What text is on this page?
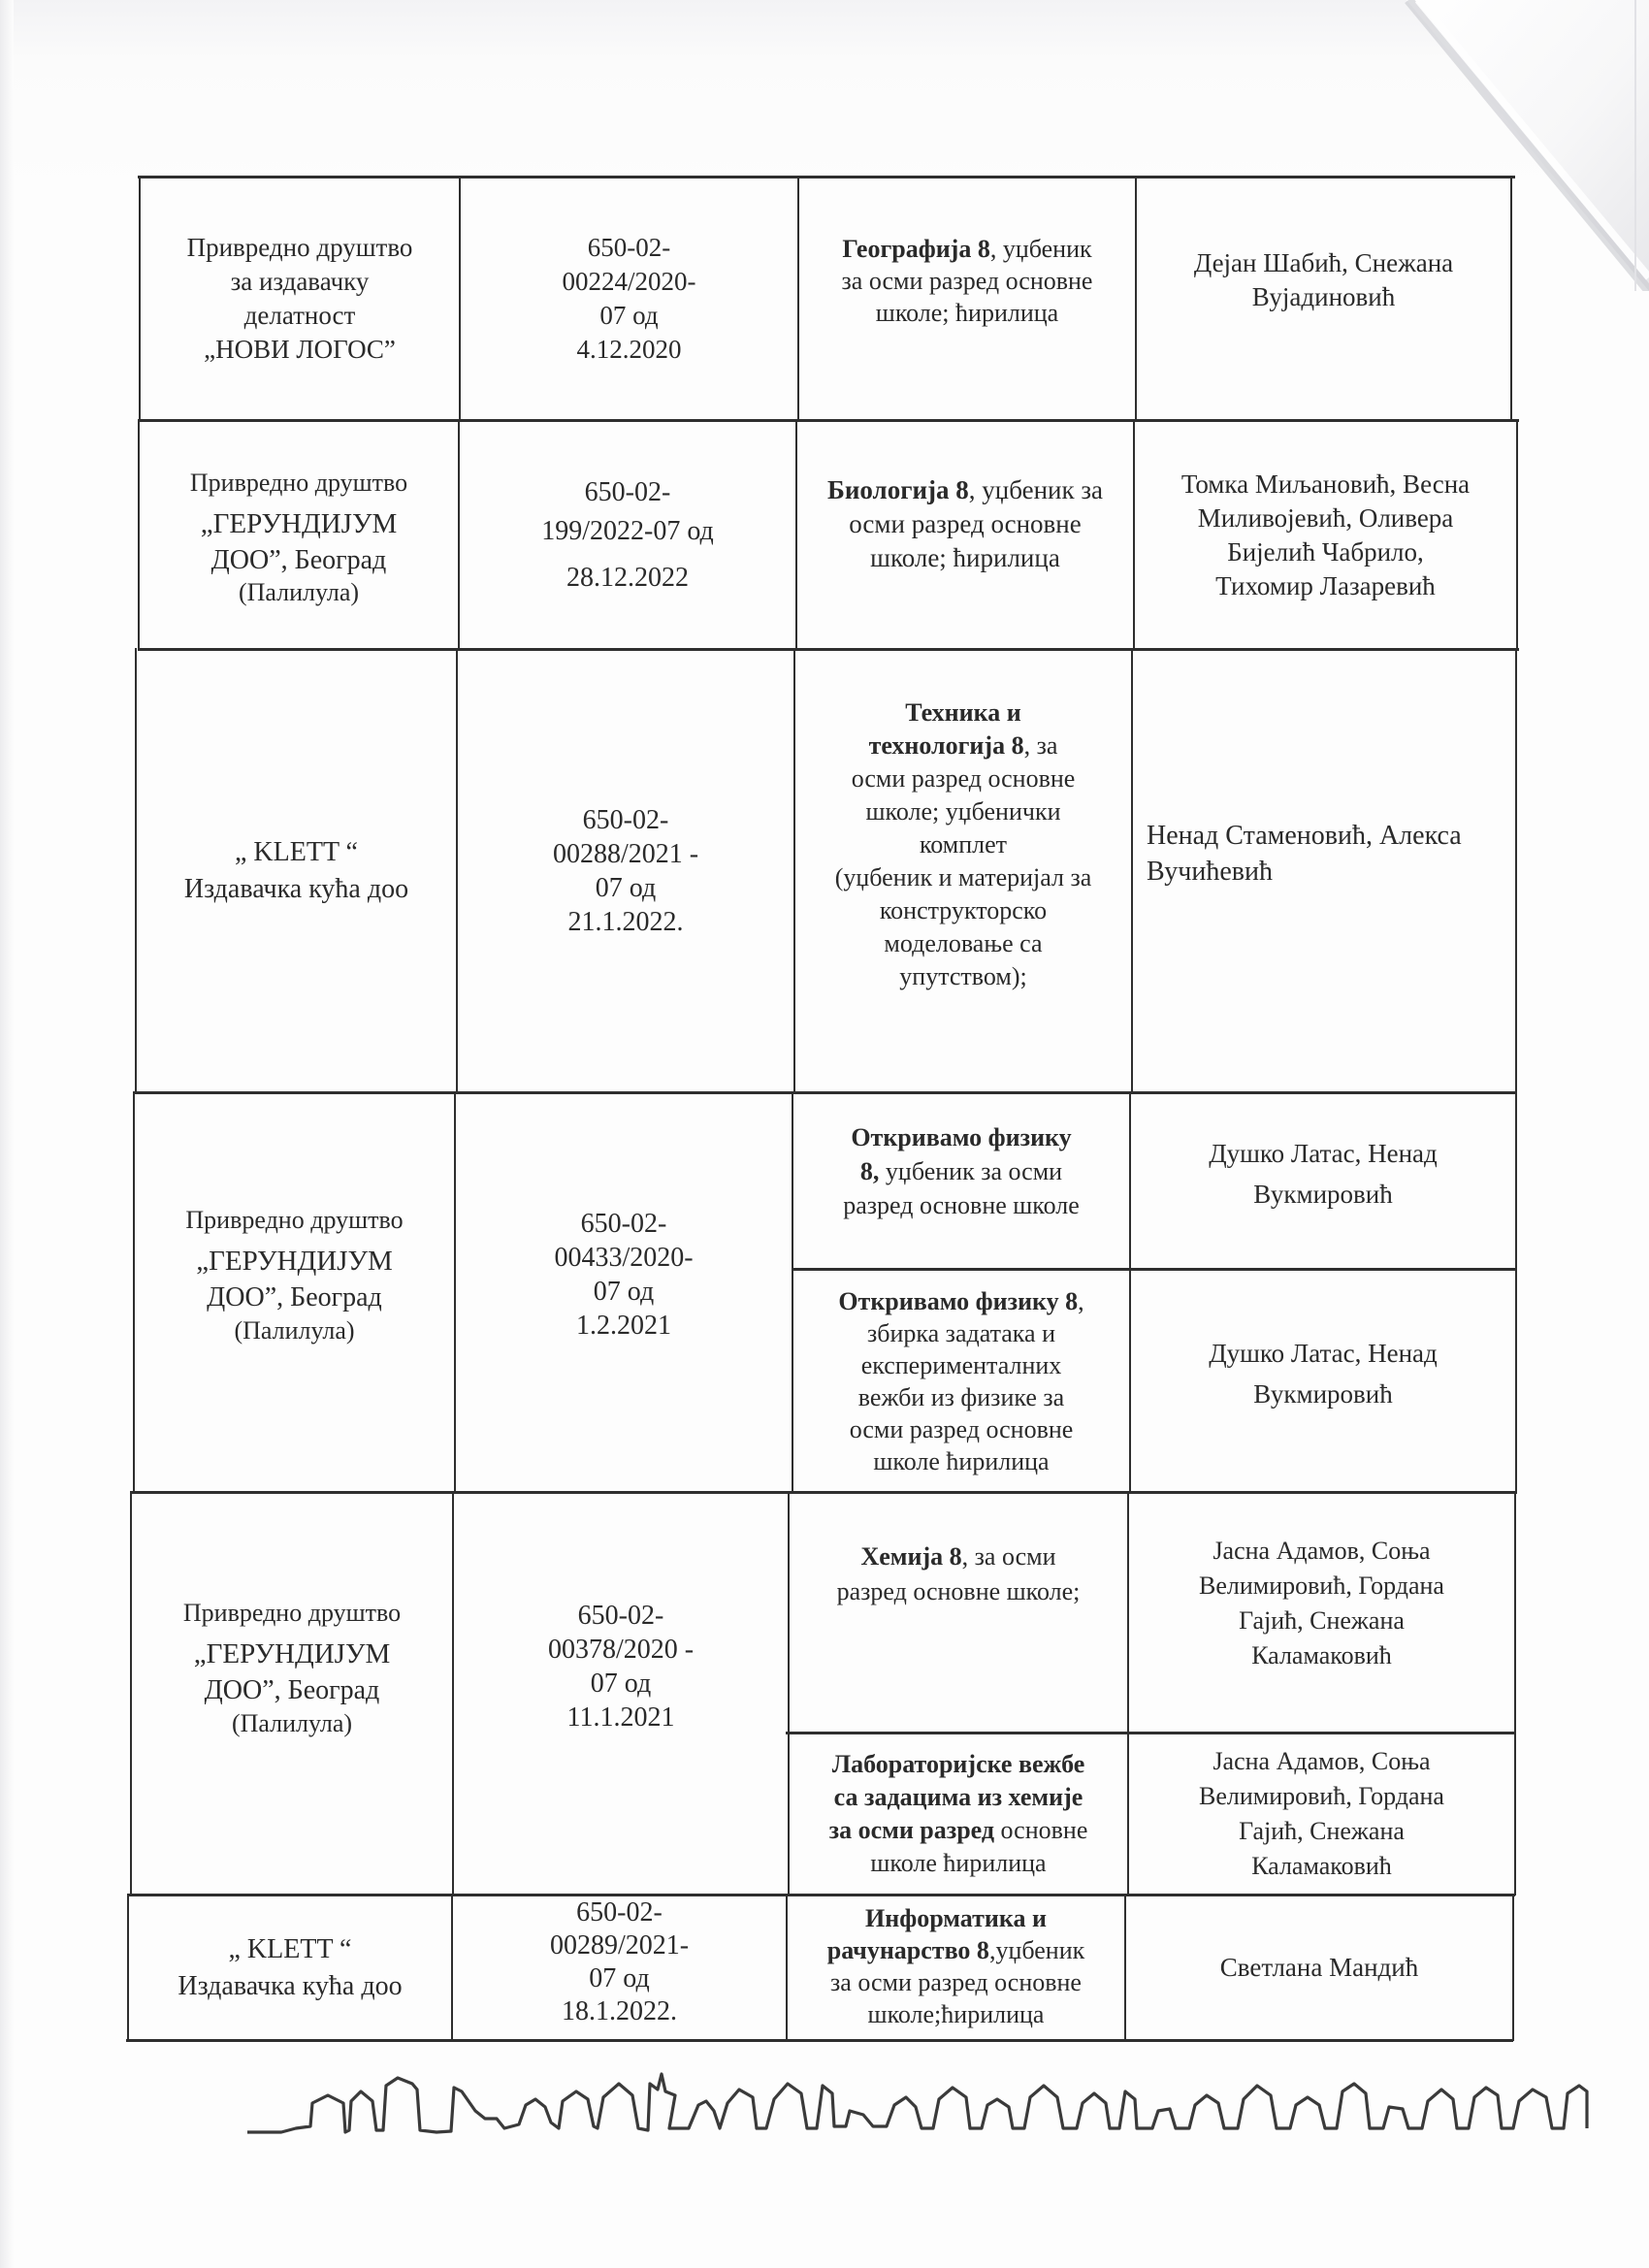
Привредно друштво
за издавачку
делатност
„НОВИ ЛОГОС”
650-02-
00224/2020-
07 од
4.12.2020
Географија 8, уџбеник
за осми разред основне
школе; ћирилица
Дејан Шабић, Снежана
Вујадиновић
Привредно друштво
„ГЕРУНДИЈУМ
ДОО”, Београд
(Палилула)
650-02-
199/2022-07 од
28.12.2022
Биологија 8, уџбеник за
осми разред основне
школе; ћирилица
Томка Миљановић, Весна
Миливојевић, Оливера
Бијелић Чабрило,
Тихомир Лазаревић
„ KLETT “
Издавачка кућа доо
650-02-
00288/2021 -
07 од
21.1.2022.
Техника и
технологија 8, за
осми разред основне
школе; уџбенички
комплет
(уџбеник и материјал за
конструкторско
моделовање са
упутством);
Ненад Стаменовић, Алекса
Вучићевић
Привредно друштво
„ГЕРУНДИЈУМ
ДОО”, Београд
(Палилула)
650-02-
00433/2020-
07 од
1.2.2021
Откривамо физику
8, уџбеник за осми
разред основне школе
Душко Латас, Ненад
Вукмировић
Откривамо физику 8,
збирка задатака и
експерименталних
вежби из физике за
осми разред основне
школе ћирилица
Душко Латас, Ненад
Вукмировић
Привредно друштво
„ГЕРУНДИЈУМ
ДОО”, Београд
(Палилула)
650-02-
00378/2020 -
07 од
11.1.2021
Хемија 8, за осми
разред основне школе;
Јасна Адамов, Соња
Велимировић, Гордана
Гајић, Снежана
Каламаковић
Лабораторијске вежбе
са задацима из хемије
за осми разред основне
школе ћирилица
Јасна Адамов, Соња
Велимировић, Гордана
Гајић, Снежана
Каламаковић
„ KLETT “
Издавачка кућа доо
650-02-
00289/2021-
07 од
18.1.2022.
Информатика и
рачунарство 8,уџбеник
за осми разред основне
школе;ћирилица
Светлана Мандић
